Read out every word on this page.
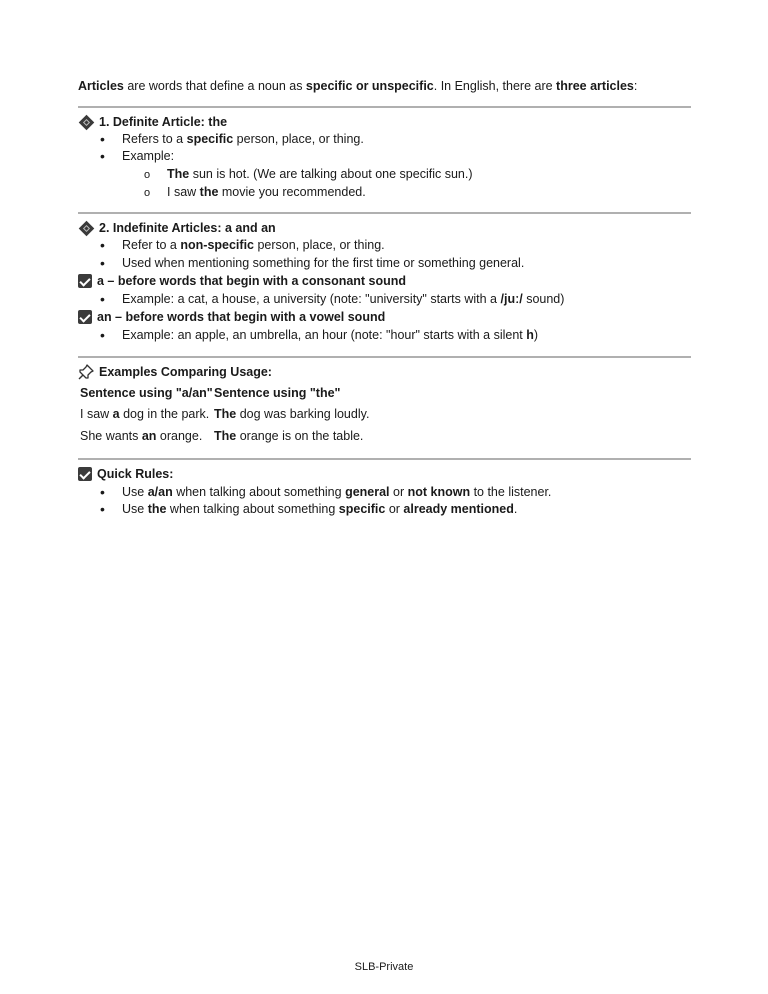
Articles are words that define a noun as specific or unspecific. In English, there are three articles:
1. Definite Article: the
• Refers to a specific person, place, or thing.
• Example:
o The sun is hot. (We are talking about one specific sun.)
o I saw the movie you recommended.
2. Indefinite Articles: a and an
• Refer to a non-specific person, place, or thing.
• Used when mentioning something for the first time or something general.
a – before words that begin with a consonant sound
• Example: a cat, a house, a university (note: "university" starts with a /juː/ sound)
an – before words that begin with a vowel sound
• Example: an apple, an umbrella, an hour (note: "hour" starts with a silent h)
Examples Comparing Usage:
Sentence using "a/an" Sentence using "the"
I saw a dog in the park. The dog was barking loudly.
She wants an orange. The orange is on the table.
Quick Rules:
• Use a/an when talking about something general or not known to the listener.
• Use the when talking about something specific or already mentioned.
SLB-Private
